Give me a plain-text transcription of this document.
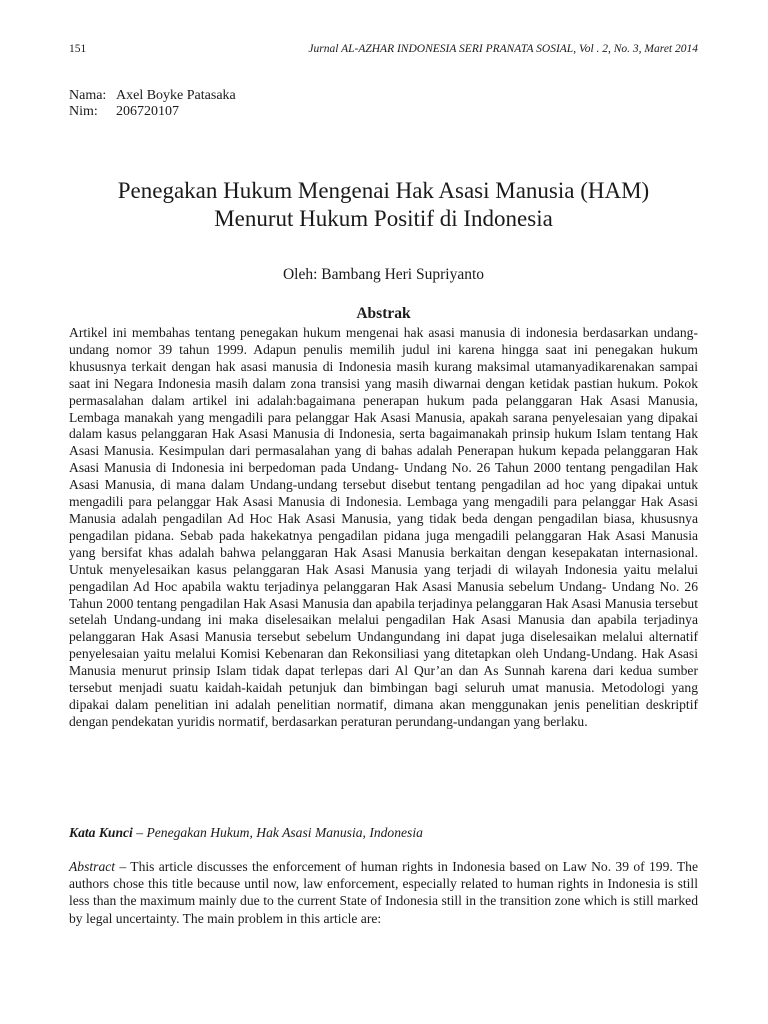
151	Jurnal AL-AZHAR INDONESIA SERI PRANATA SOSIAL, Vol . 2, No. 3, Maret 2014
Nama: Axel Boyke Patasaka
Nim:	206720107
Penegakan Hukum Mengenai Hak Asasi Manusia (HAM)
Menurut Hukum Positif di Indonesia
Oleh: Bambang Heri Supriyanto
Abstrak

Artikel ini membahas tentang penegakan hukum mengenai hak asasi manusia di indonesia berdasarkan undang-undang nomor 39 tahun 1999. Adapun penulis memilih judul ini karena hingga saat ini penegakan hukum khususnya terkait dengan hak asasi manusia di Indonesia masih kurang maksimal utamanyadikarenakan sampai saat ini Negara Indonesia masih dalam zona transisi yang masih diwarnai dengan ketidak pastian hukum. Pokok permasalahan dalam artikel ini adalah:bagaimana penerapan hukum pada pelanggaran Hak Asasi Manusia, Lembaga manakah yang mengadili para pelanggar Hak Asasi Manusia, apakah sarana penyelesaian yang dipakai dalam kasus pelanggaran Hak Asasi Manusia di Indonesia, serta bagaimanakah prinsip hukum Islam tentang Hak Asasi Manusia. Kesimpulan dari permasalahan yang di bahas adalah Penerapan hukum kepada pelanggaran Hak Asasi Manusia di Indonesia ini berpedoman pada Undang- Undang No. 26 Tahun 2000 tentang pengadilan Hak Asasi Manusia, di mana dalam Undang-undang tersebut disebut tentang pengadilan ad hoc yang dipakai untuk mengadili para pelanggar Hak Asasi Manusia di Indonesia. Lembaga yang mengadili para pelanggar Hak Asasi Manusia adalah pengadilan Ad Hoc Hak Asasi Manusia, yang tidak beda dengan pengadilan biasa, khususnya pengadilan pidana. Sebab pada hakekatnya pengadilan pidana juga mengadili pelanggaran Hak Asasi Manusia yang bersifat khas adalah bahwa pelanggaran Hak Asasi Manusia berkaitan dengan kesepakatan internasional. Untuk menyelesaikan kasus pelanggaran Hak Asasi Manusia yang terjadi di wilayah Indonesia yaitu melalui pengadilan Ad Hoc apabila waktu terjadinya pelanggaran Hak Asasi Manusia sebelum Undang- Undang No. 26 Tahun 2000 tentang pengadilan Hak Asasi Manusia dan apabila terjadinya pelanggaran Hak Asasi Manusia tersebut setelah Undang-undang ini maka diselesaikan melalui pengadilan Hak Asasi Manusia dan apabila terjadinya pelanggaran Hak Asasi Manusia tersebut sebelum Undangundang ini dapat juga diselesaikan melalui alternatif penyelesaian yaitu melalui Komisi Kebenaran dan Rekonsiliasi yang ditetapkan oleh Undang-Undang. Hak Asasi Manusia menurut prinsip Islam tidak dapat terlepas dari Al Qur’an dan As Sunnah karena dari kedua sumber tersebut menjadi suatu kaidah-kaidah petunjuk dan bimbingan bagi seluruh umat manusia. Metodologi yang dipakai dalam penelitian ini adalah penelitian normatif, dimana akan menggunakan jenis penelitian deskriptif dengan pendekatan yuridis normatif, berdasarkan peraturan perundang-undangan yang berlaku.

Kata Kunci – Penegakan Hukum, Hak Asasi Manusia, Indonesia

Abstract – This article discusses the enforcement of human rights in Indonesia based on Law No. 39 of 199. The authors chose this title because until now, law enforcement, especially related to human rights in Indonesia is still less than the maximum mainly due to the current State of Indonesia still in the transition zone which is still marked by legal uncertainty. The main problem in this article are:
